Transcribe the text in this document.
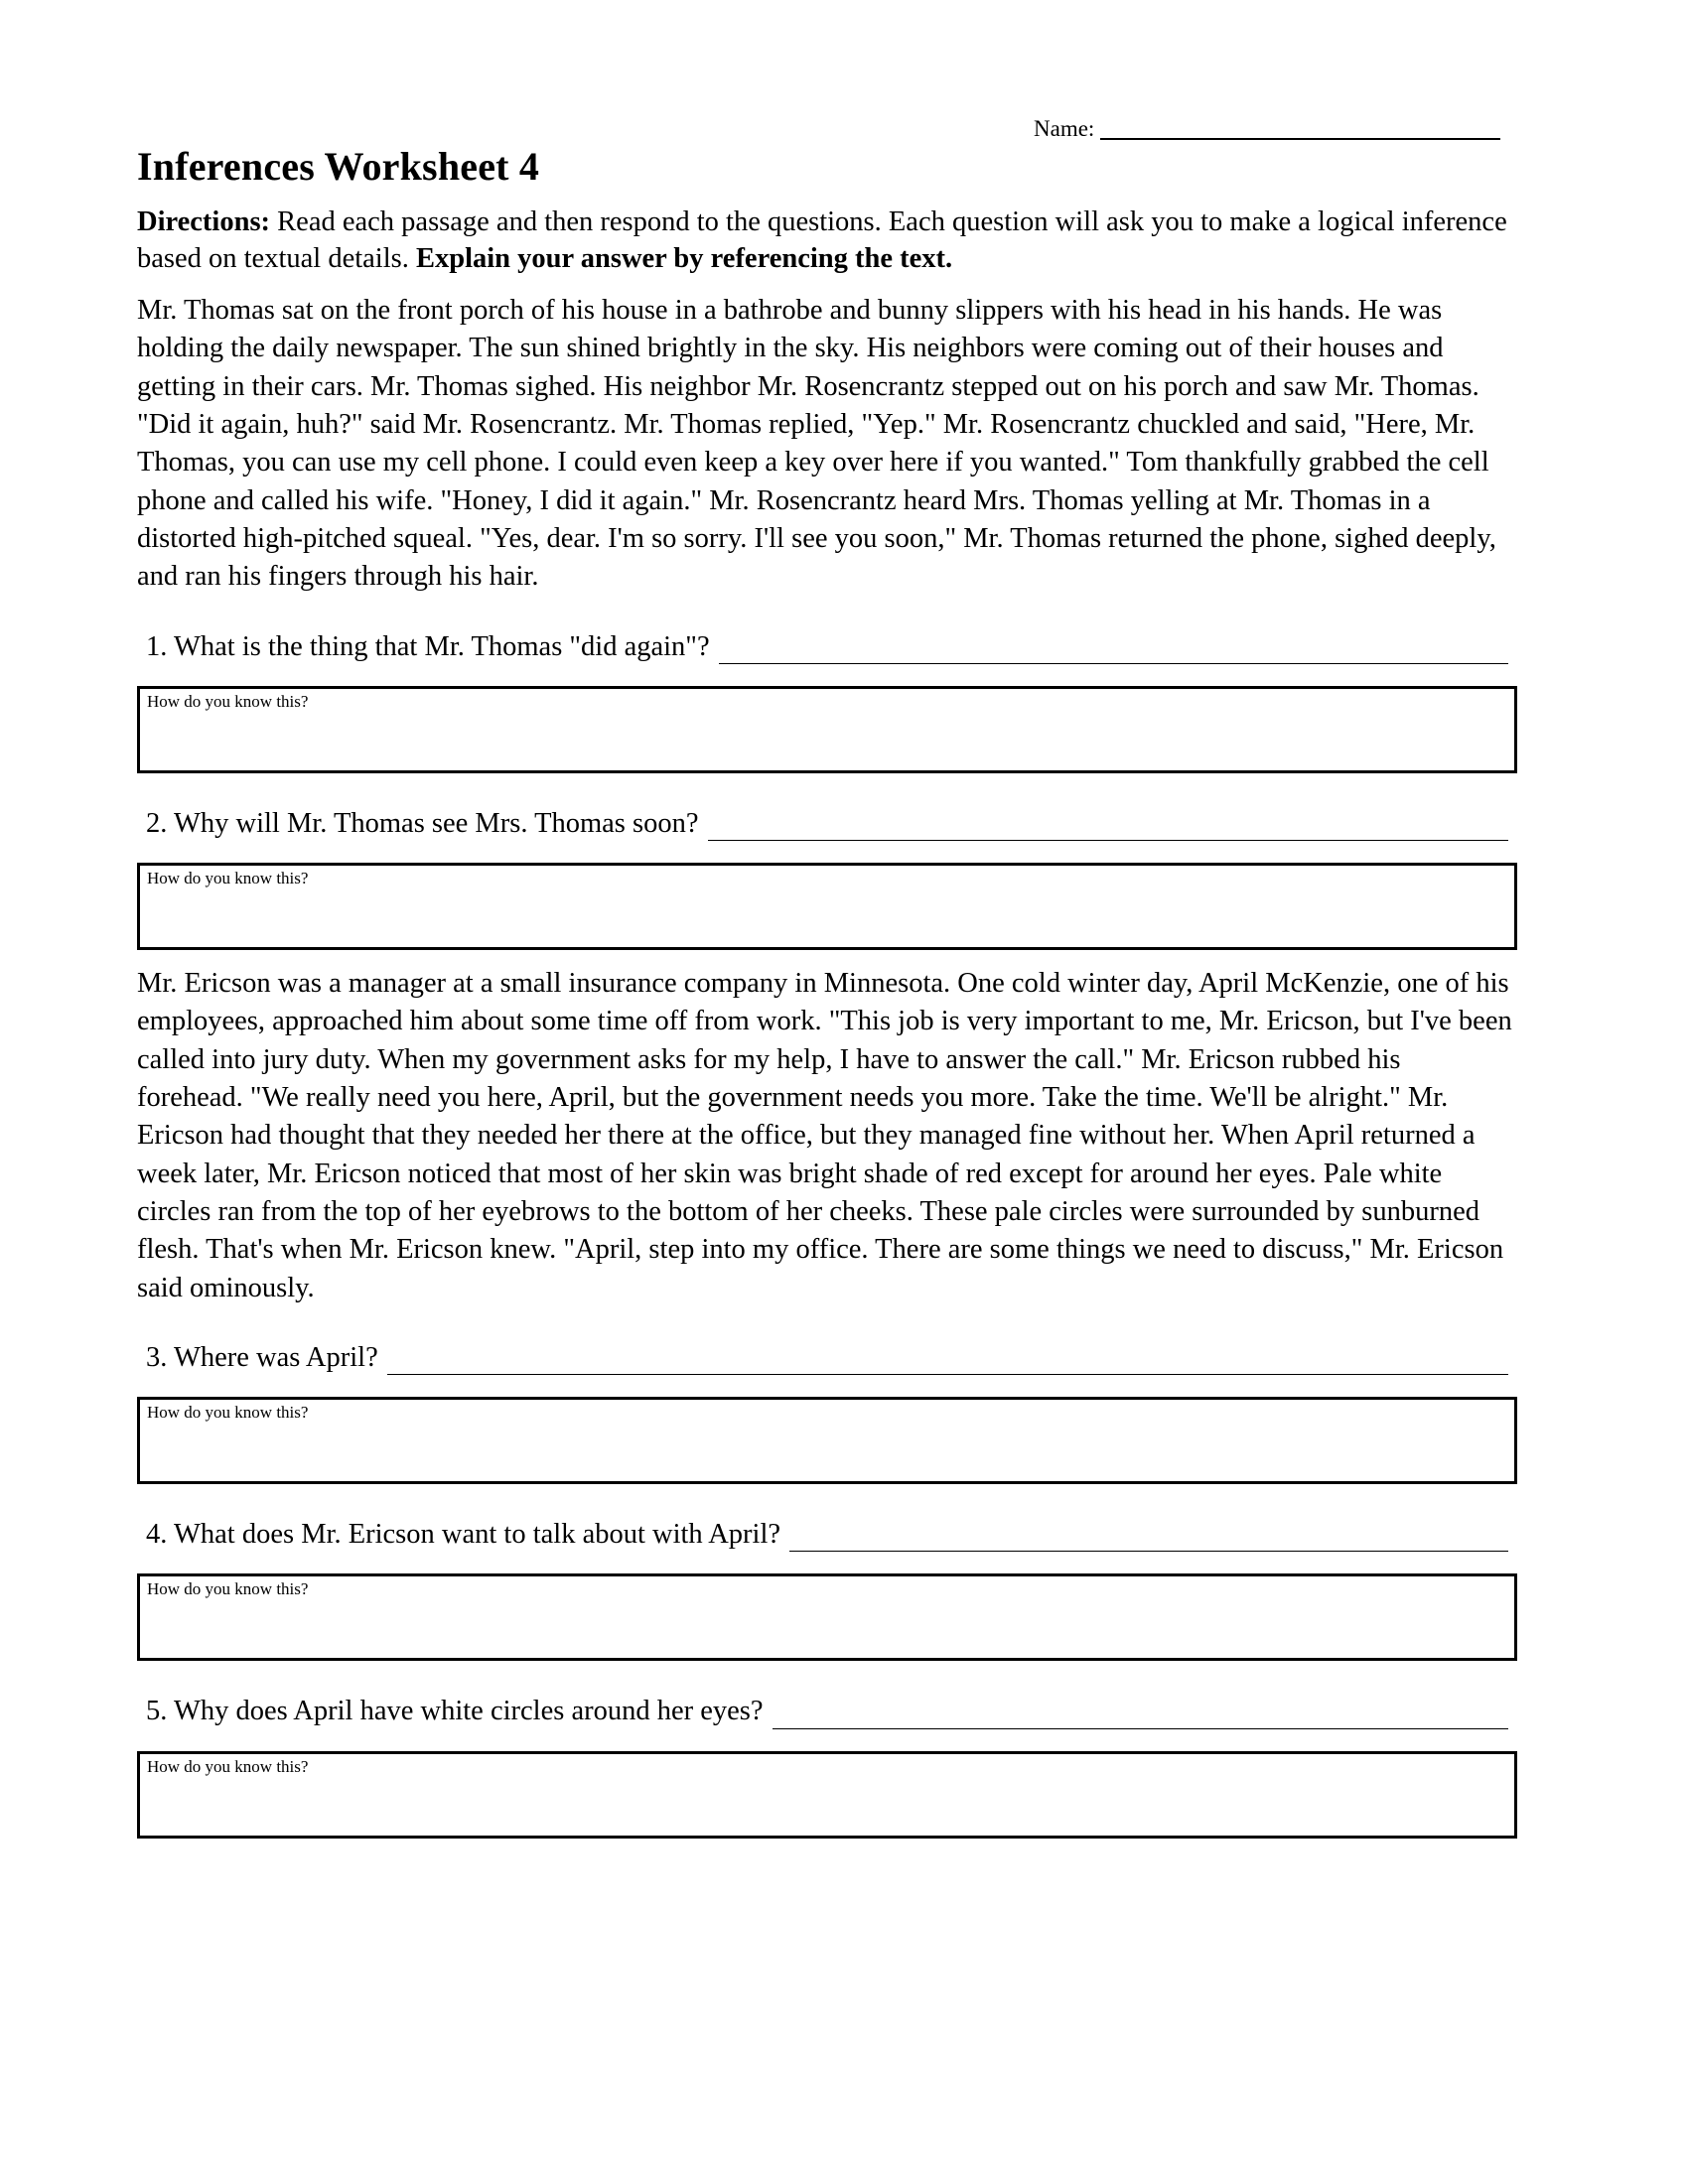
Name:
Inferences Worksheet 4

Directions: Read each passage and then respond to the questions. Each question will ask you to make a logical inference based on textual details. Explain your answer by referencing the text.

Mr. Thomas sat on the front porch of his house in a bathrobe and bunny slippers with his head in his hands. He was holding the daily newspaper. The sun shined brightly in the sky. His neighbors were coming out of their houses and getting in their cars. Mr. Thomas sighed. His neighbor Mr. Rosencrantz stepped out on his porch and saw Mr. Thomas. "Did it again, huh?" said Mr. Rosencrantz. Mr. Thomas replied, "Yep." Mr. Rosencrantz chuckled and said, "Here, Mr. Thomas, you can use my cell phone. I could even keep a key over here if you wanted." Tom thankfully grabbed the cell phone and called his wife. "Honey, I did it again." Mr. Rosencrantz heard Mrs. Thomas yelling at Mr. Thomas in a distorted high-pitched squeal. "Yes, dear. I'm so sorry. I'll see you soon," Mr. Thomas returned the phone, sighed deeply, and ran his fingers through his hair.

1. What is the thing that Mr. Thomas "did again"?
How do you know this?
2. Why will Mr. Thomas see Mrs. Thomas soon?
How do you know this?

Mr. Ericson was a manager at a small insurance company in Minnesota. One cold winter day, April McKenzie, one of his employees, approached him about some time off from work. "This job is very important to me, Mr. Ericson, but I've been called into jury duty. When my government asks for my help, I have to answer the call." Mr. Ericson rubbed his forehead. "We really need you here, April, but the government needs you more. Take the time. We'll be alright." Mr. Ericson had thought that they needed her there at the office, but they managed fine without her. When April returned a week later, Mr. Ericson noticed that most of her skin was bright shade of red except for around her eyes. Pale white circles ran from the top of her eyebrows to the bottom of her cheeks. These pale circles were surrounded by sunburned flesh. That's when Mr. Ericson knew. "April, step into my office. There are some things we need to discuss," Mr. Ericson said ominously.

3. Where was April?
How do you know this?
4. What does Mr. Ericson want to talk about with April?
How do you know this?
5. Why does April have white circles around her eyes?
How do you know this?
